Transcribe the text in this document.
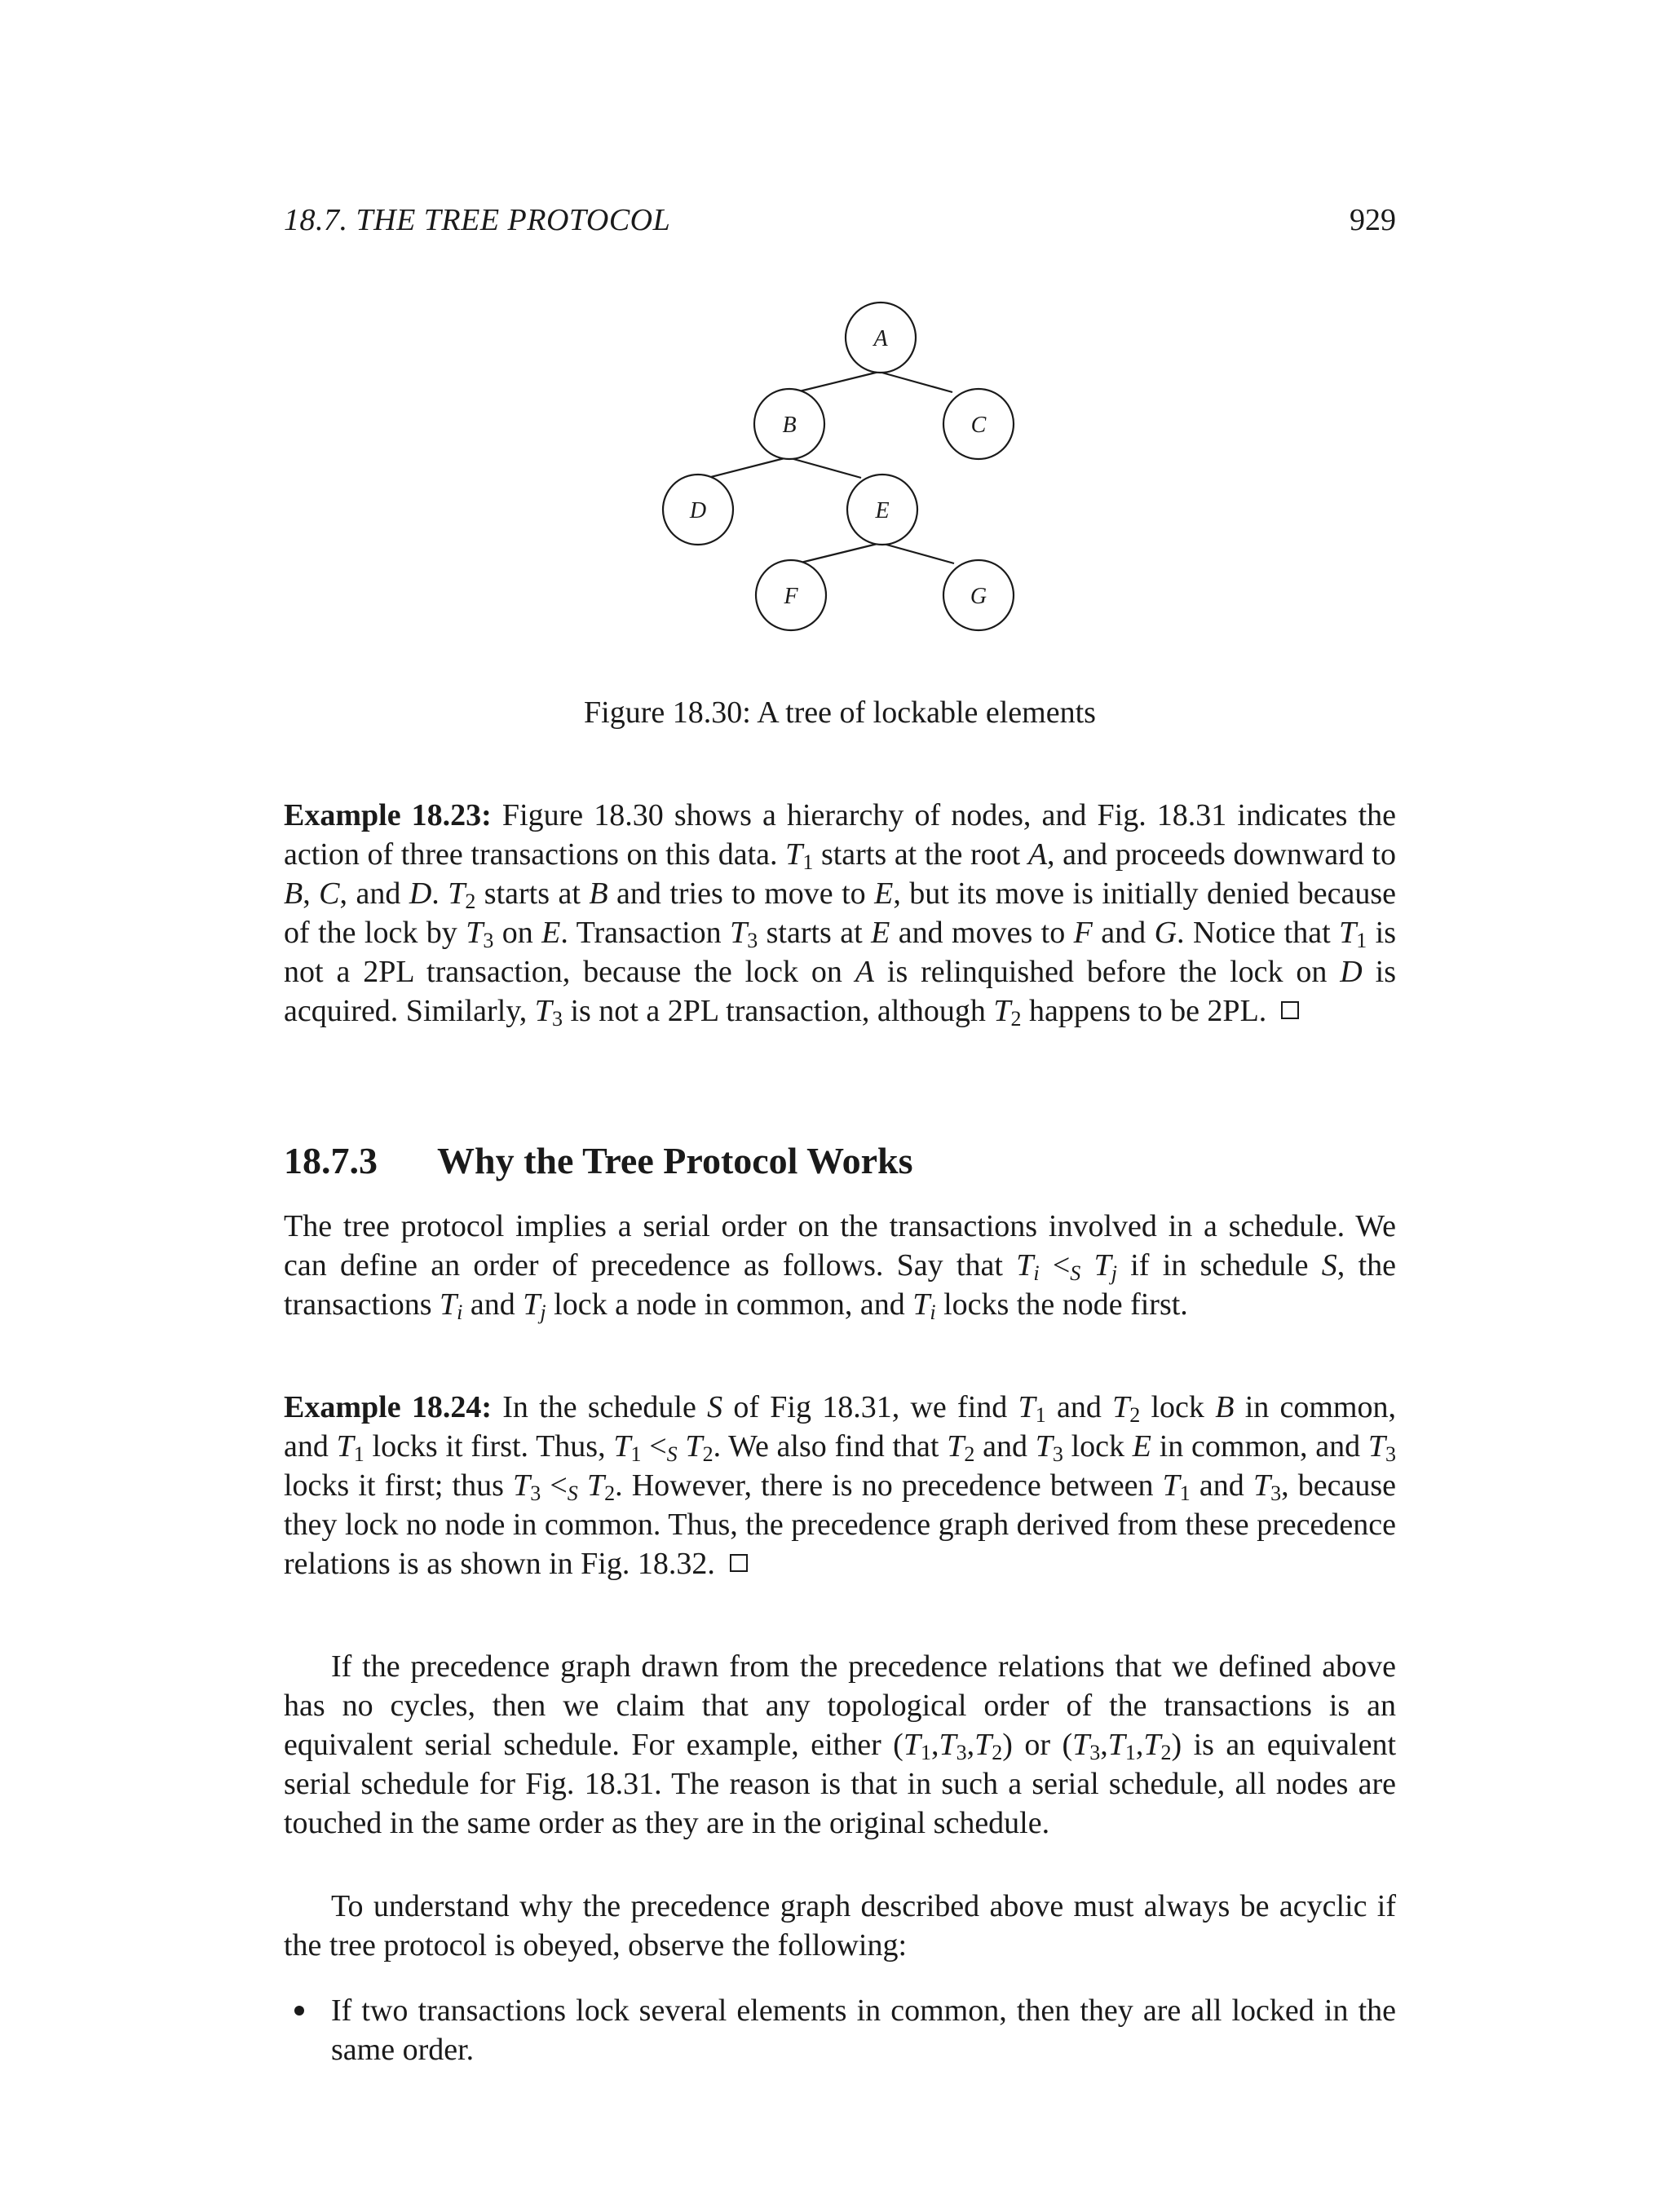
18.7. THE TREE PROTOCOL	929
A
B	C
D	E
F	G
Figure 18.30: A tree of lockable elements

Example 18.23: Figure 18.30 shows a hierarchy of nodes, and Fig. 18.31 indicates the action of three transactions on this data. $T_1$ starts at the root A, and proceeds downward to B, C, and D. $T_2$ starts at B and tries to move to E, but its move is initially denied because of the lock by $T_3$ on E. Transaction $T_3$ starts at E and moves to F and G. Notice that $T_1$ is not a 2PL transaction, because the lock on A is relinquished before the lock on D is acquired. Similarly, $T_3$ is not a 2PL transaction, although $T_2$ happens to be 2PL.

18.7.3 Why the Tree Protocol Works

The tree protocol implies a serial order on the transactions involved in a schedule. We can define an order of precedence as follows. Say that $T_i <_S$ $T_j$ if in schedule S, the transactions $T_i$ and $T_j$ lock a node in common, and $T_i$ locks the node first.

Example 18.24: In the schedule S of Fig 18.31, we find $T_1$ and $T_2$ lock B in common, and $T_1$ locks it first. Thus, $T_1 <_S$ $T_2$. We also find that $T_2$ and $T_3$ lock E in common, and $T_3$ locks it first; thus $T_3 <_S$ $T_2$. However, there is no precedence between $T_1$ and $T_3$, because they lock no node in common. Thus, the precedence graph derived from these precedence relations is as shown in Fig. 18.32.

If the precedence graph drawn from the precedence relations that we defined above has no cycles, then we claim that any topological order of the transactions is an equivalent serial schedule. For example, either $(T_1,T_3,T_2)$ or $(T_3,T_1,T_2)$ is an equivalent serial schedule for Fig. 18.31. The reason is that in such a serial schedule, all nodes are touched in the same order as they are in the original schedule.

To understand why the precedence graph described above must always be acyclic if the tree protocol is obeyed, observe the following:

If two transactions lock several elements in common, then they are all locked in the same order.
